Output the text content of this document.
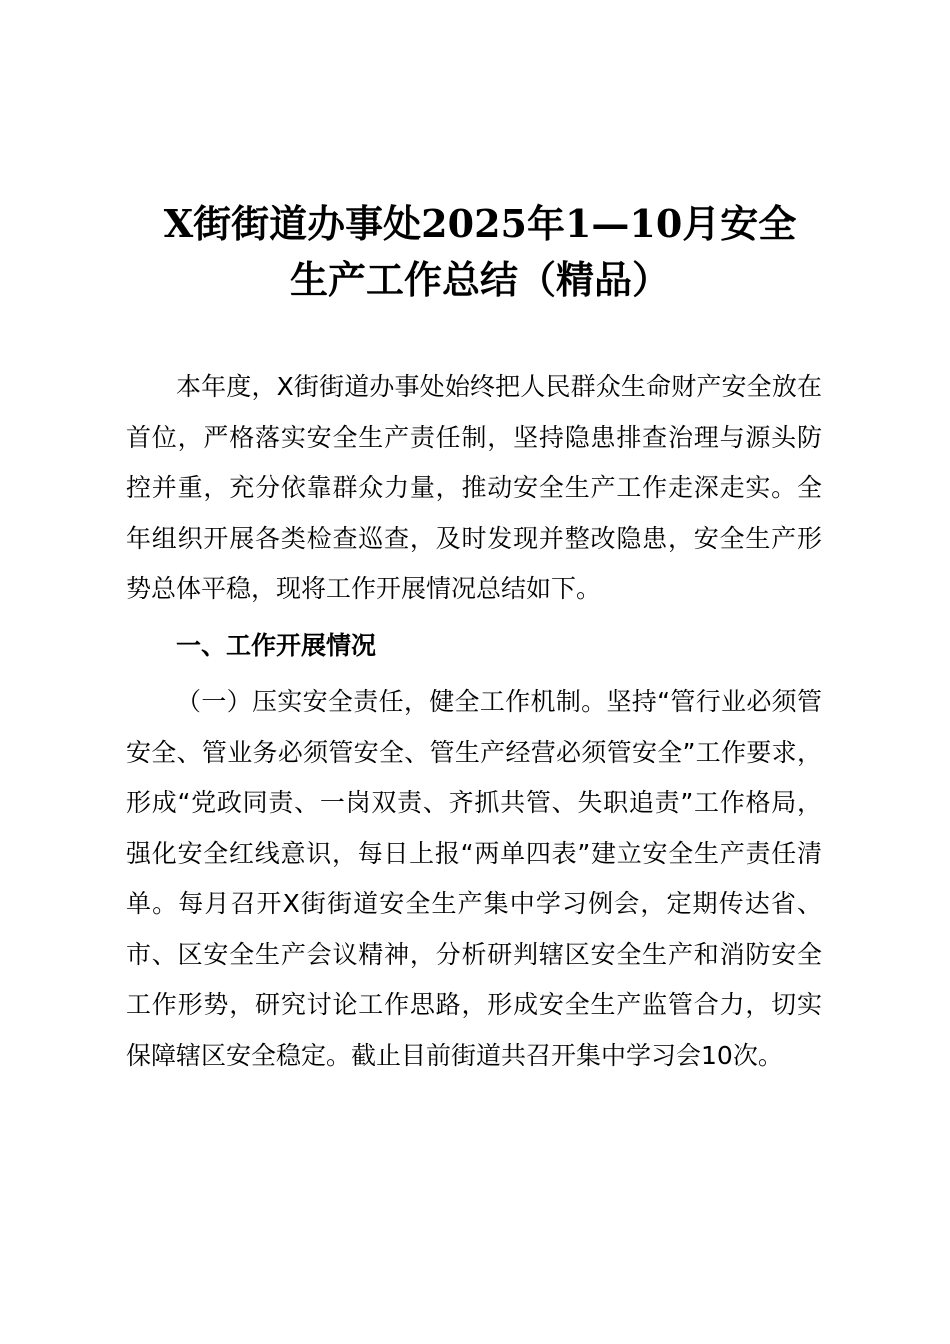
X街街道办事处2025年1—10月安全
生产工作总结（精品）

本年度，X街街道办事处始终把人民群众生命财产安全放在首位，严格落实安全生产责任制，坚持隐患排查治理与源头防控并重，充分依靠群众力量，推动安全生产工作走深走实。全年组织开展各类检查巡查，及时发现并整改隐患，安全生产形势总体平稳，现将工作开展情况总结如下。

一、工作开展情况

（一）压实安全责任，健全工作机制。坚持“管行业必须管安全、管业务必须管安全、管生产经营必须管安全”工作要求，形成“党政同责、一岗双责、齐抓共管、失职追责”工作格局，强化安全红线意识，每日上报“两单四表”建立安全生产责任清单。每月召开X街街道安全生产集中学习例会，定期传达省、市、区安全生产会议精神，分析研判辖区安全生产和消防安全工作形势，研究讨论工作思路，形成安全生产监管合力，切实保障辖区安全稳定。截止目前街道共召开集中学习会10次。
